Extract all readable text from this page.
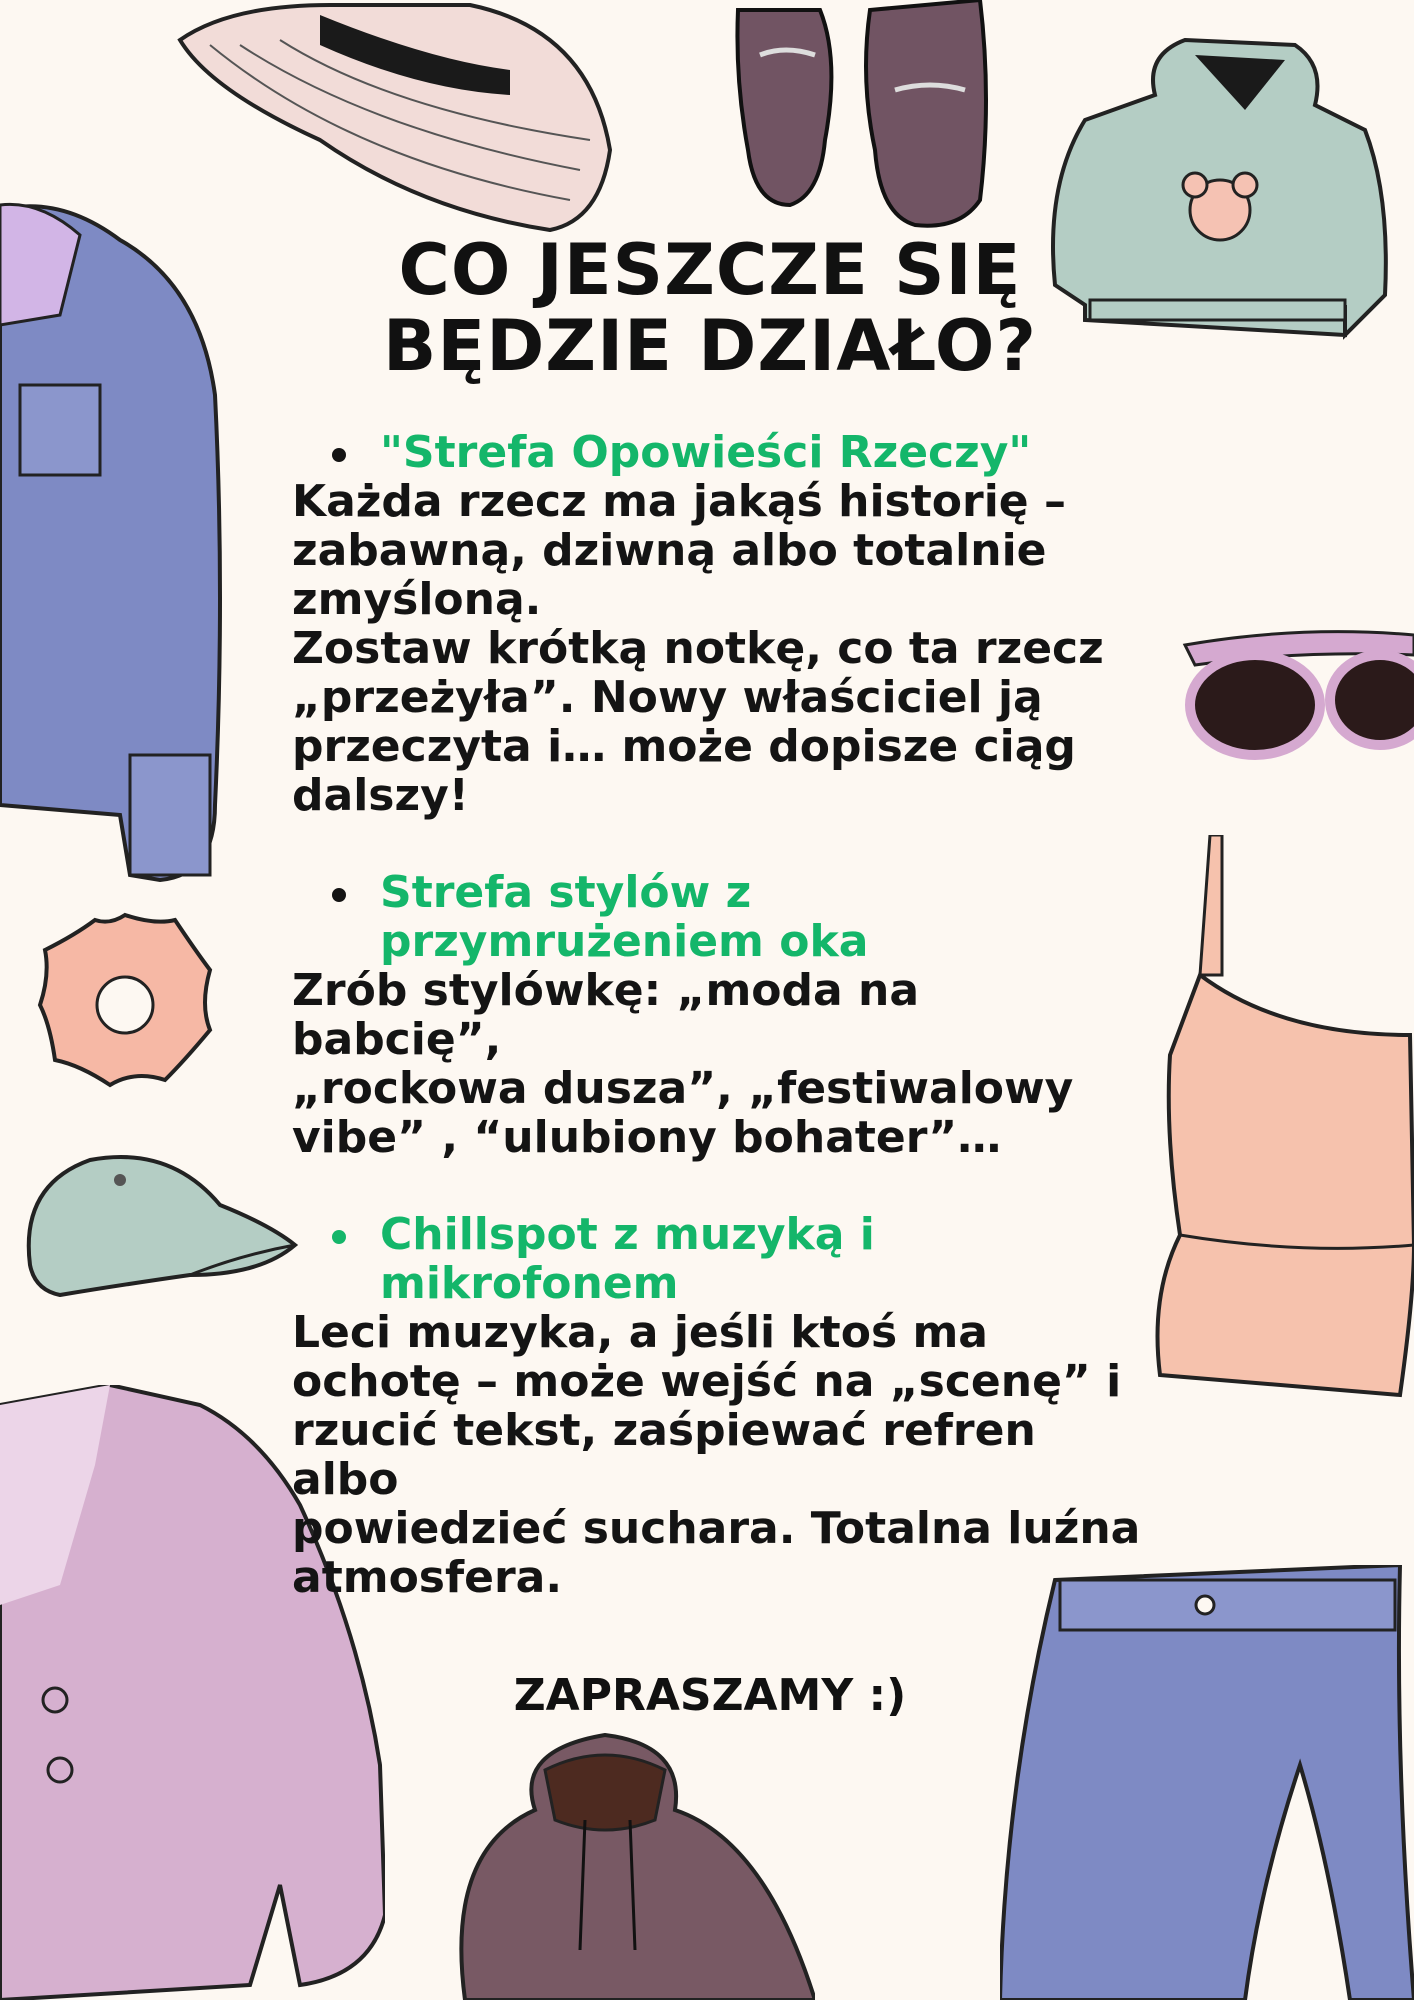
CO JESZCZE SIĘ
BĘDZIE DZIAŁO?
"Strefa Opowieści Rzeczy"
Każda rzecz ma jakąś historię –
zabawną, dziwną albo totalnie
zmyśloną.
Zostaw krótką notkę, co ta rzecz
„przeżyła”. Nowy właściciel ją
przeczyta i… może dopisze ciąg
dalszy!
Strefa stylów z przymrużeniem oka
Zrób stylówkę: „moda na babcię”,
„rockowa dusza”, „festiwalowy
vibe” , “ulubiony bohater”…
Chillspot z muzyką i mikrofonem
Leci muzyka, a jeśli ktoś ma
ochotę – może wejść na „scenę” i
rzucić tekst, zaśpiewać refren albo
powiedzieć suchara. Totalna luźna
atmosfera.
ZAPRASZAMY :)
